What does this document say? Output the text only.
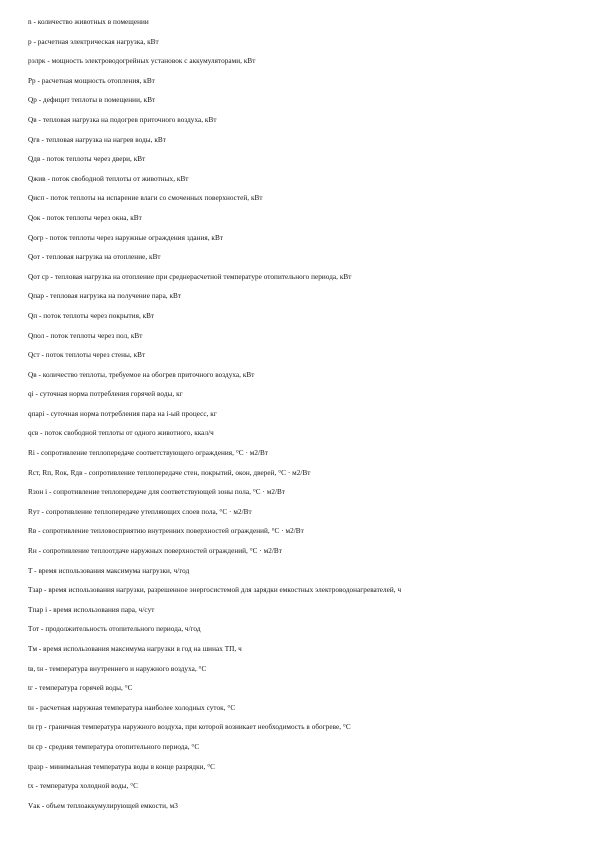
n - количество животных в помещении
p - расчетная электрическая нагрузка, кВт
pэлрк - мощность электроводогрейных установок с аккумуляторами, кВт
Pр - расчетная мощность отопления, кВт
Qр - дефицит теплоты в помещении, кВт
Qв - тепловая нагрузка на подогрев приточного воздуха, кВт
Qгв - тепловая нагрузка на нагрев воды, кВт
Qдв - поток теплоты через двери, кВт
Qжив - поток свободной теплоты от животных, кВт
Qисп - поток теплоты на испарение влаги со смоченных поверхностей, кВт
Qок - поток теплоты через окна, кВт
Qогр - поток теплоты через наружные ограждения здания, кВт
Qот - тепловая нагрузка на отопление, кВт
Qот ср - тепловая нагрузка на отопление при среднерасчетной температуре отопительного периода, кВт
Qпар - тепловая нагрузка на получение пара, кВт
Qп - поток теплоты через покрытия, кВт
Qпол - поток теплоты через пол, кВт
Qст - поток теплоты через стены, кВт
Qв - количество теплоты, требуемое на обогрев приточного воздуха, кВт
qi - суточная норма потребления горячей воды, кг
qпарi - суточная норма потребления пара на i-ый процесс, кг
qсв - поток свободной теплоты от одного животного, ккал/ч
Ri - сопротивление теплопередаче соответствующего ограждения, °С · м2/Вт
Rст, Rп, Rок, Rдв - сопротивление теплопередаче стен, покрытий, окон, дверей, °С · м2/Вт
Rзон i - сопротивление теплопередаче для соответствующей зоны пола, °С · м2/Вт
Rут - сопротивление теплопередаче утепляющих слоев пола, °С · м2/Вт
Rв - сопротивление тепловосприятию внутренних поверхностей ограждений, °С · м2/Вт
Rн - сопротивление теплоотдаче наружных поверхностей ограждений, °С · м2/Вт
T - время использования максимума нагрузки, ч/год
Tзар - время использования нагрузки, разрешенное энергосистемой для зарядки емкостных электроводонагревателей, ч
Tпар i - время использования пара, ч/сут
Tот - продолжительность отопительного периода, ч/год
Tм - время использования максимума нагрузки в год на шинах ТП, ч
tв, tн - температура внутреннего и наружного воздуха, °С
tг - температура горячей воды, °С
tн - расчетная наружная температура наиболее холодных суток, °С
tн гр - граничная температура наружного воздуха, при которой возникает необходимость в обогреве, °С
tн ср - средняя температура отопительного периода, °С
tразр - минимальная температура воды в конце разрядки, °С
tх - температура холодной воды, °С
Vак - объем теплоаккумулирующей емкости, м3
